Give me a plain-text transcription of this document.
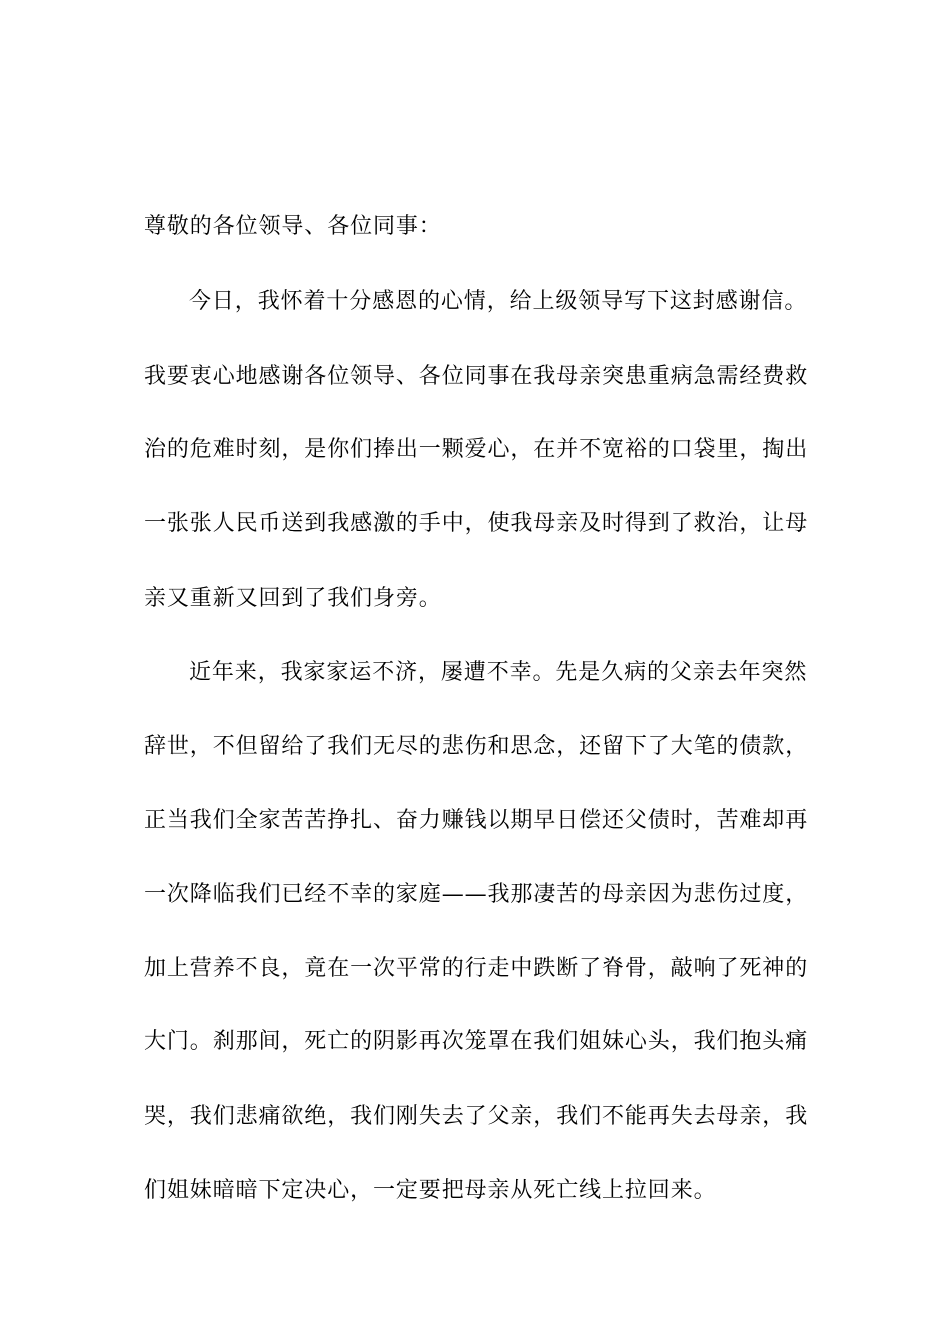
尊敬的各位领导、各位同事：
今日，我怀着十分感恩的心情，给上级领导写下这封感谢信。
我要衷心地感谢各位领导、各位同事在我母亲突患重病急需经费救
治的危难时刻，是你们捧出一颗爱心，在并不宽裕的口袋里，掏出
一张张人民币送到我感激的手中，使我母亲及时得到了救治，让母
亲又重新又回到了我们身旁。
近年来，我家家运不济，屡遭不幸。先是久病的父亲去年突然
辞世，不但留给了我们无尽的悲伤和思念，还留下了大笔的债款，
正当我们全家苦苦挣扎、奋力赚钱以期早日偿还父债时，苦难却再
一次降临我们已经不幸的家庭——我那凄苦的母亲因为悲伤过度，
加上营养不良，竟在一次平常的行走中跌断了脊骨，敲响了死神的
大门。刹那间，死亡的阴影再次笼罩在我们姐妹心头，我们抱头痛
哭，我们悲痛欲绝，我们刚失去了父亲，我们不能再失去母亲，我
们姐妹暗暗下定决心，一定要把母亲从死亡线上拉回来。
